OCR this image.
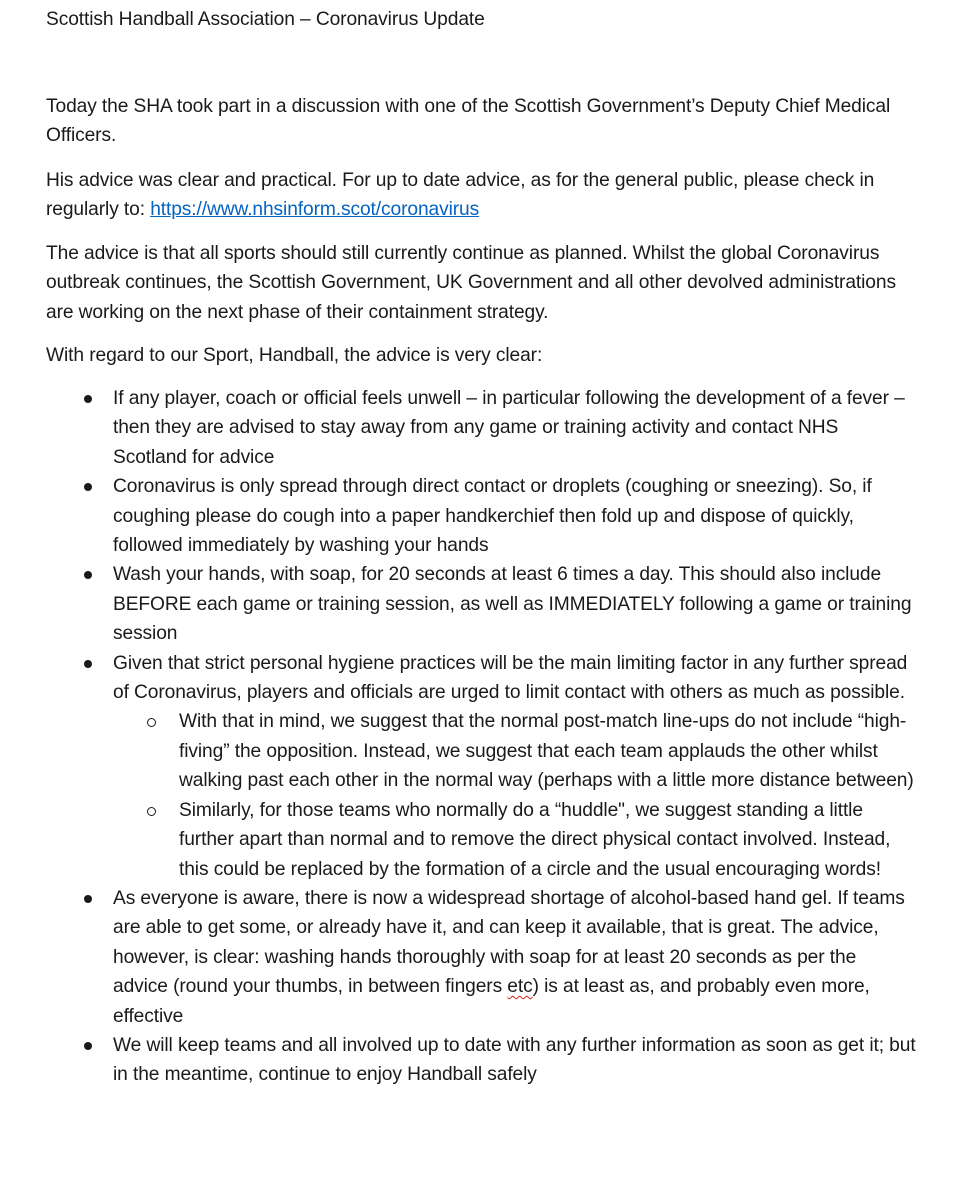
Scottish Handball Association – Coronavirus Update

Today the SHA took part in a discussion with one of the Scottish Government’s Deputy Chief Medical Officers.

His advice was clear and practical. For up to date advice, as for the general public, please check in regularly to: https://www.nhsinform.scot/coronavirus

The advice is that all sports should still currently continue as planned. Whilst the global Coronavirus outbreak continues, the Scottish Government, UK Government and all other devolved administrations are working on the next phase of their containment strategy.

With regard to our Sport, Handball, the advice is very clear:

If any player, coach or official feels unwell – in particular following the development of a fever – then they are advised to stay away from any game or training activity and contact NHS Scotland for advice
Coronavirus is only spread through direct contact or droplets (coughing or sneezing). So, if coughing please do cough into a paper handkerchief then fold up and dispose of quickly, followed immediately by washing your hands
Wash your hands, with soap, for 20 seconds at least 6 times a day. This should also include BEFORE each game or training session, as well as IMMEDIATELY following a game or training session
Given that strict personal hygiene practices will be the main limiting factor in any further spread of Coronavirus, players and officials are urged to limit contact with others as much as possible.
With that in mind, we suggest that the normal post-match line-ups do not include “high-fiving” the opposition. Instead, we suggest that each team applauds the other whilst walking past each other in the normal way (perhaps with a little more distance between)
Similarly, for those teams who normally do a “huddle", we suggest standing a little further apart than normal and to remove the direct physical contact involved. Instead, this could be replaced by the formation of a circle and the usual encouraging words!
As everyone is aware, there is now a widespread shortage of alcohol-based hand gel. If teams are able to get some, or already have it, and can keep it available, that is great. The advice, however, is clear: washing hands thoroughly with soap for at least 20 seconds as per the advice (round your thumbs, in between fingers etc) is at least as, and probably even more, effective
We will keep teams and all involved up to date with any further information as soon as get it; but in the meantime, continue to enjoy Handball safely
